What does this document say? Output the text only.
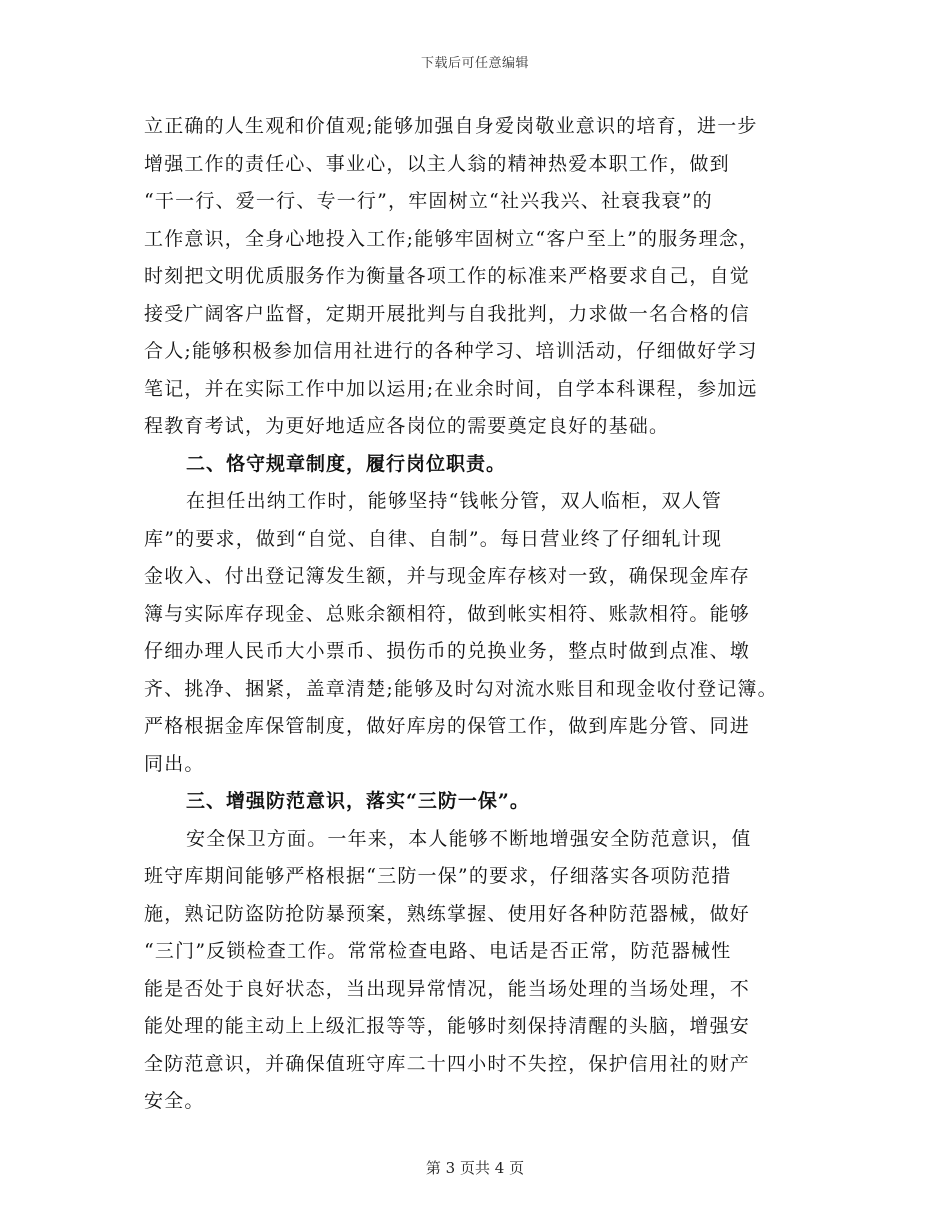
下载后可任意编辑
立正确的人生观和价值观;能够加强自身爱岗敬业意识的培育，进一步
增强工作的责任心、事业心，以主人翁的精神热爱本职工作，做到
“干一行、爱一行、专一行”，牢固树立“社兴我兴、社衰我衰”的
工作意识，全身心地投入工作;能够牢固树立“客户至上”的服务理念，
时刻把文明优质服务作为衡量各项工作的标准来严格要求自己，自觉
接受广阔客户监督，定期开展批判与自我批判，力求做一名合格的信
合人;能够积极参加信用社进行的各种学习、培训活动，仔细做好学习
笔记，并在实际工作中加以运用;在业余时间，自学本科课程，参加远
程教育考试，为更好地适应各岗位的需要奠定良好的基础。
二、恪守规章制度，履行岗位职责。
在担任出纳工作时，能够坚持“钱帐分管，双人临柜，双人管
库”的要求，做到“自觉、自律、自制”。每日营业终了仔细轧计现
金收入、付出登记簿发生额，并与现金库存核对一致，确保现金库存
簿与实际库存现金、总账余额相符，做到帐实相符、账款相符。能够
仔细办理人民币大小票币、损伤币的兑换业务，整点时做到点准、墩
齐、挑净、捆紧，盖章清楚;能够及时勾对流水账目和现金收付登记簿。
严格根据金库保管制度，做好库房的保管工作，做到库匙分管、同进
同出。
三、增强防范意识，落实“三防一保”。
安全保卫方面。一年来，本人能够不断地增强安全防范意识，值
班守库期间能够严格根据“三防一保”的要求，仔细落实各项防范措
施，熟记防盗防抢防暴预案，熟练掌握、使用好各种防范器械，做好
“三门”反锁检查工作。常常检查电路、电话是否正常，防范器械性
能是否处于良好状态，当出现异常情况，能当场处理的当场处理，不
能处理的能主动上上级汇报等等，能够时刻保持清醒的头脑，增强安
全防范意识，并确保值班守库二十四小时不失控，保护信用社的财产
安全。
第 3 页共 4 页
